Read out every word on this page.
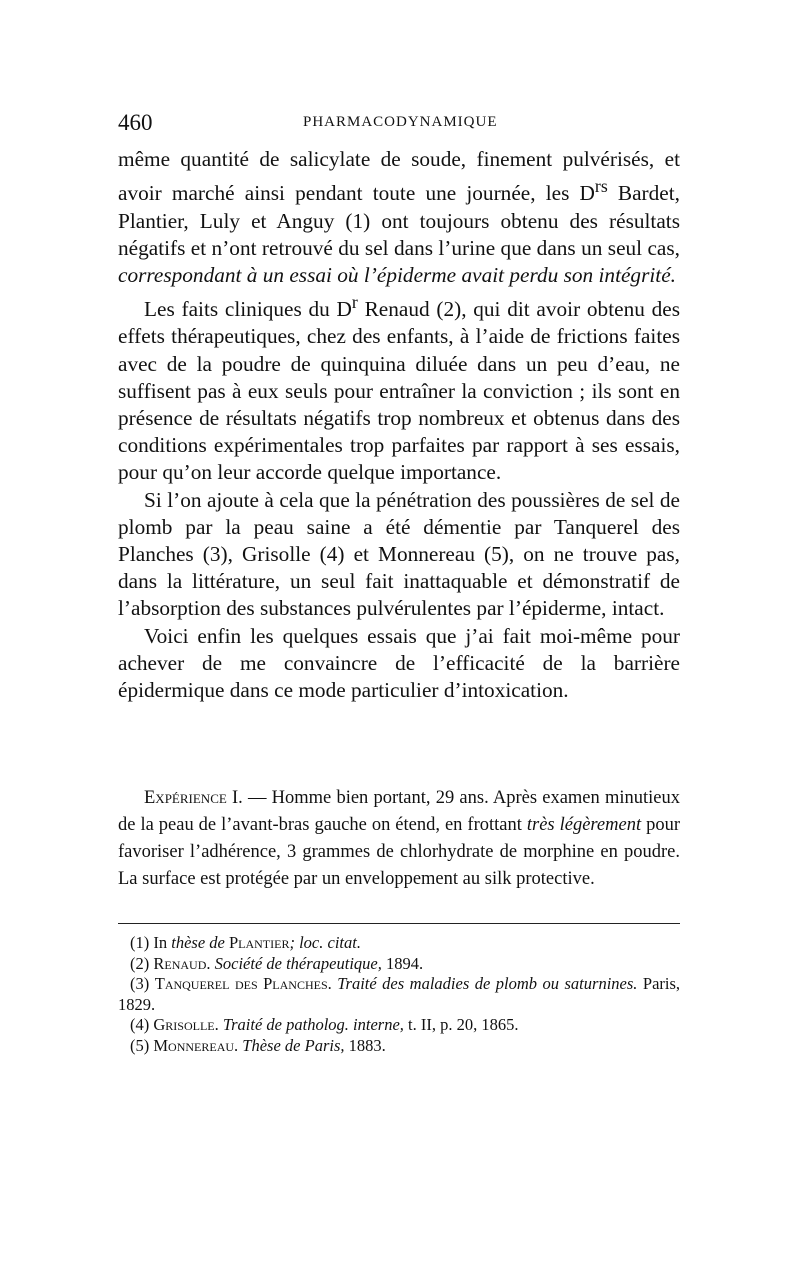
460	PHARMACODYNAMIQUE

même quantité de salicylate de soude, finement pulvérisés, et avoir marché ainsi pendant toute une journée, les $D^{rs}$ Bardet, Plantier, Luly et Anguy (1) ont toujours obtenu des résultats négatifs et n’ont retrouvé du sel dans l’urine que dans un seul cas, correspondant à un essai où l’épiderme avait perdu son intégrité.

Les faits cliniques du $D^r$ Renaud (2), qui dit avoir obtenu des effets thérapeutiques, chez des enfants, à l’aide de frictions faites avec de la poudre de quinquina diluée dans un peu d’eau, ne suffisent pas à eux seuls pour entraîner la conviction ; ils sont en présence de résultats négatifs trop nombreux et obtenus dans des conditions expérimentales trop parfaites par rapport à ses essais, pour qu’on leur accorde quelque importance.

Si l’on ajoute à cela que la pénétration des poussières de sel de plomb par la peau saine a été démentie par Tanquerel des Planches (3), Grisolle (4) et Monnereau (5), on ne trouve pas, dans la littérature, un seul fait inattaquable et démonstratif de l’absorption des substances pulvérulentes par l’épiderme, intact.

Voici enfin les quelques essais que j’ai fait moi-même pour achever de me convaincre de l’efficacité de la barrière épidermique dans ce mode particulier d’intoxication.

Expérience I. — Homme bien portant, 29 ans. Après examen minutieux de la peau de l’avant-bras gauche on étend, en frottant très légèrement pour favoriser l’adhérence, 3 grammes de chlorhydrate de morphine en poudre. La surface est protégée par un enveloppement au silk protective.

(1) In thèse de Plantier; loc. citat.

(2) Renaud. Société de thérapeutique, 1894.

(3) Tanquerel des Planches. Traité des maladies de plomb ou saturnines. Paris, 1829.

(4) Grisolle. Traité de patholog. interne, t. II, p. 20, 1865.

(5) Monnereau. Thèse de Paris, 1883.
